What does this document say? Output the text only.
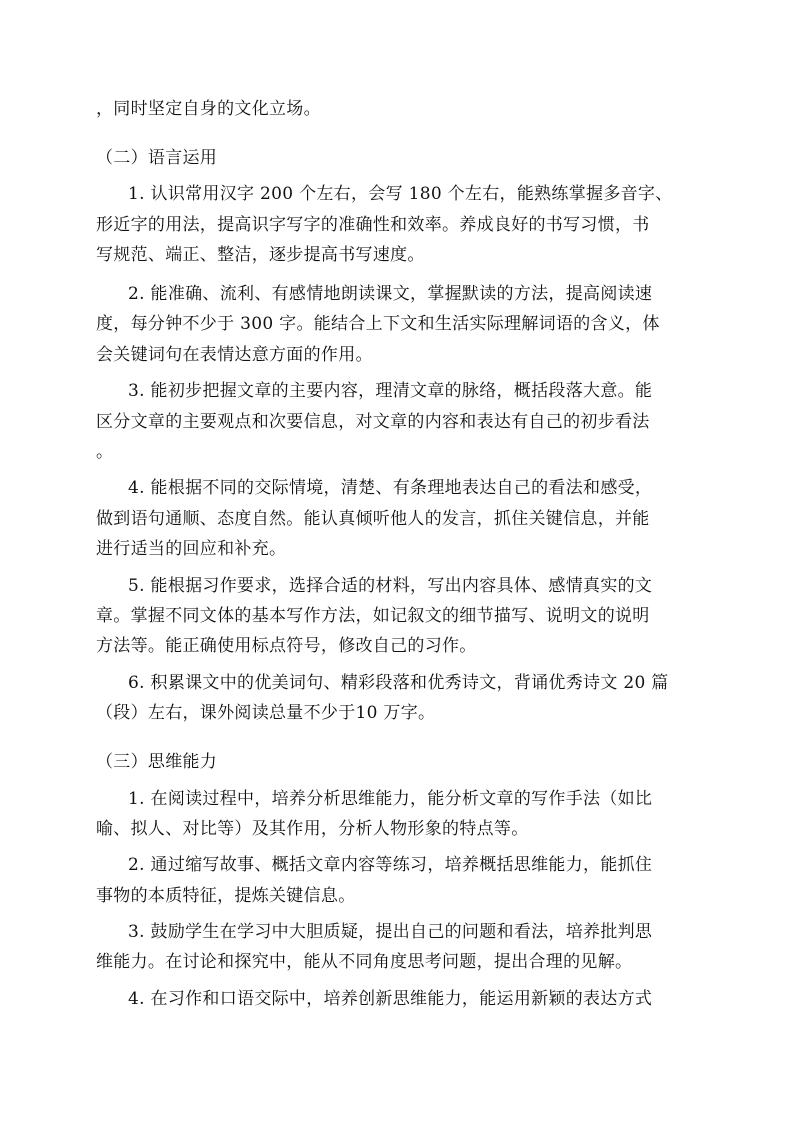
，同时坚定自身的文化立场。
（二）语言运用
1. 认识常用汉字 200 个左右，会写 180 个左右，能熟练掌握多音字、
形近字的用法，提高识字写字的准确性和效率。养成良好的书写习惯，书
写规范、端正、整洁，逐步提高书写速度。
2. 能准确、流利、有感情地朗读课文，掌握默读的方法，提高阅读速
度，每分钟不少于 300 字。能结合上下文和生活实际理解词语的含义，体
会关键词句在表情达意方面的作用。
3. 能初步把握文章的主要内容，理清文章的脉络，概括段落大意。能
区分文章的主要观点和次要信息，对文章的内容和表达有自己的初步看法
。
4. 能根据不同的交际情境，清楚、有条理地表达自己的看法和感受，
做到语句通顺、态度自然。能认真倾听他人的发言，抓住关键信息，并能
进行适当的回应和补充。
5. 能根据习作要求，选择合适的材料，写出内容具体、感情真实的文
章。掌握不同文体的基本写作方法，如记叙文的细节描写、说明文的说明
方法等。能正确使用标点符号，修改自己的习作。
6. 积累课文中的优美词句、精彩段落和优秀诗文，背诵优秀诗文 20 篇
（段）左右，课外阅读总量不少于10 万字。
（三）思维能力
1. 在阅读过程中，培养分析思维能力，能分析文章的写作手法（如比
喻、拟人、对比等）及其作用，分析人物形象的特点等。
2. 通过缩写故事、概括文章内容等练习，培养概括思维能力，能抓住
事物的本质特征，提炼关键信息。
3. 鼓励学生在学习中大胆质疑，提出自己的问题和看法，培养批判思
维能力。在讨论和探究中，能从不同角度思考问题，提出合理的见解。
4. 在习作和口语交际中，培养创新思维能力，能运用新颖的表达方式
